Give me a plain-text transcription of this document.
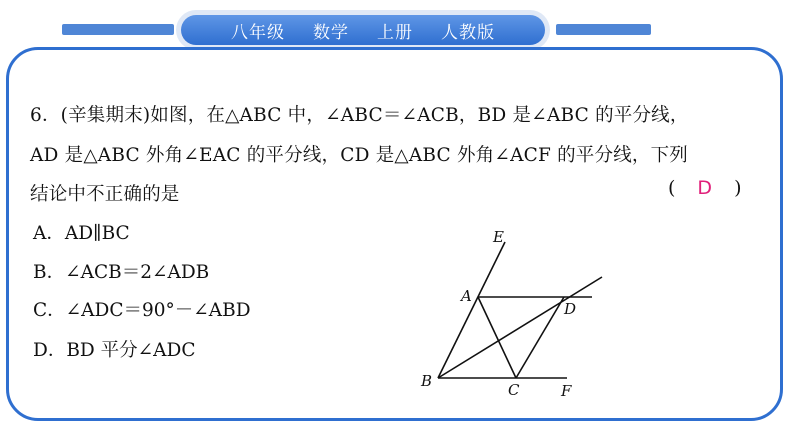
八年级 数学 上册 人教版
6．(辛集期末)如图，在△ABC 中，∠ABC＝∠ACB，BD 是∠ABC 的平分线，
AD 是△ABC 外角∠EAC 的平分线，CD 是△ABC 外角∠ACF 的平分线，下列
结论中不正确的是	( D )
A．AD∥BC
B．∠ACB＝2∠ADB
C．∠ADC＝90°－∠ABD
D．BD 平分∠ADC
E
A
D
B	C	F
